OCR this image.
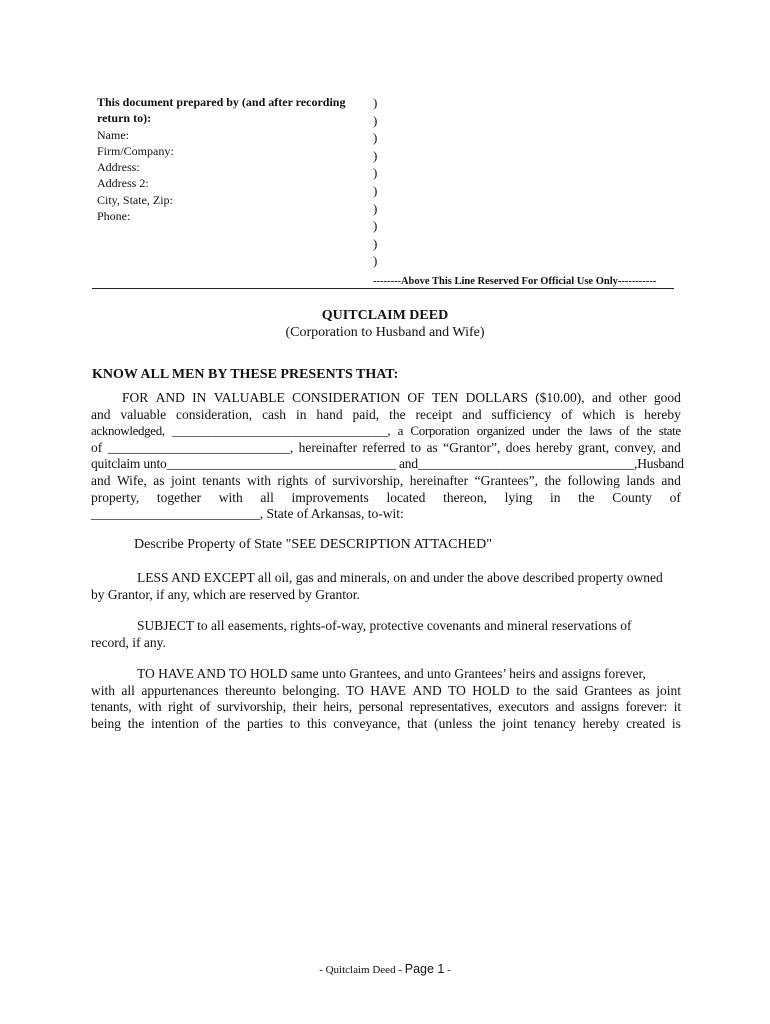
This document prepared by (and after recording
return to):
Name:
Firm/Company:
Address:
Address 2:
City, State, Zip:
Phone:
)
)
)
)
)
)
)
)
)
)
--------Above This Line Reserved For Official Use Only-----------
QUITCLAIM DEED
(Corporation to Husband and Wife)
KNOW ALL MEN BY THESE PRESENTS THAT:
FOR AND IN VALUABLE CONSIDERATION OF TEN DOLLARS ($10.00), and other good
and valuable consideration, cash in hand paid, the receipt and sufficiency of which is hereby
acknowledged, ___________________________________, a Corporation organized under the laws of the state
of ___________________________, hereinafter referred to as “Grantor”, does hereby grant, convey, and
quitclaim unto ___________________________________ and _________________________________,Husband
and Wife, as joint tenants with rights of survivorship, hereinafter “Grantees”, the following lands and
property, together with all improvements located thereon, lying in the County of
_________________________, State of Arkansas, to-wit:
Describe Property of State "SEE DESCRIPTION ATTACHED"
LESS AND EXCEPT all oil, gas and minerals, on and under the above described property owned
by Grantor, if any, which are reserved by Grantor.
SUBJECT to all easements, rights-of-way, protective covenants and mineral reservations of
record, if any.
TO HAVE AND TO HOLD same unto Grantees, and unto Grantees’ heirs and assigns forever,
with all appurtenances thereunto belonging. TO HAVE AND TO HOLD to the said Grantees as joint
tenants, with right of survivorship, their heirs, personal representatives, executors and assigns forever: it
being the intention of the parties to this conveyance, that (unless the joint tenancy hereby created is
- Quitclaim Deed - Page 1 -
